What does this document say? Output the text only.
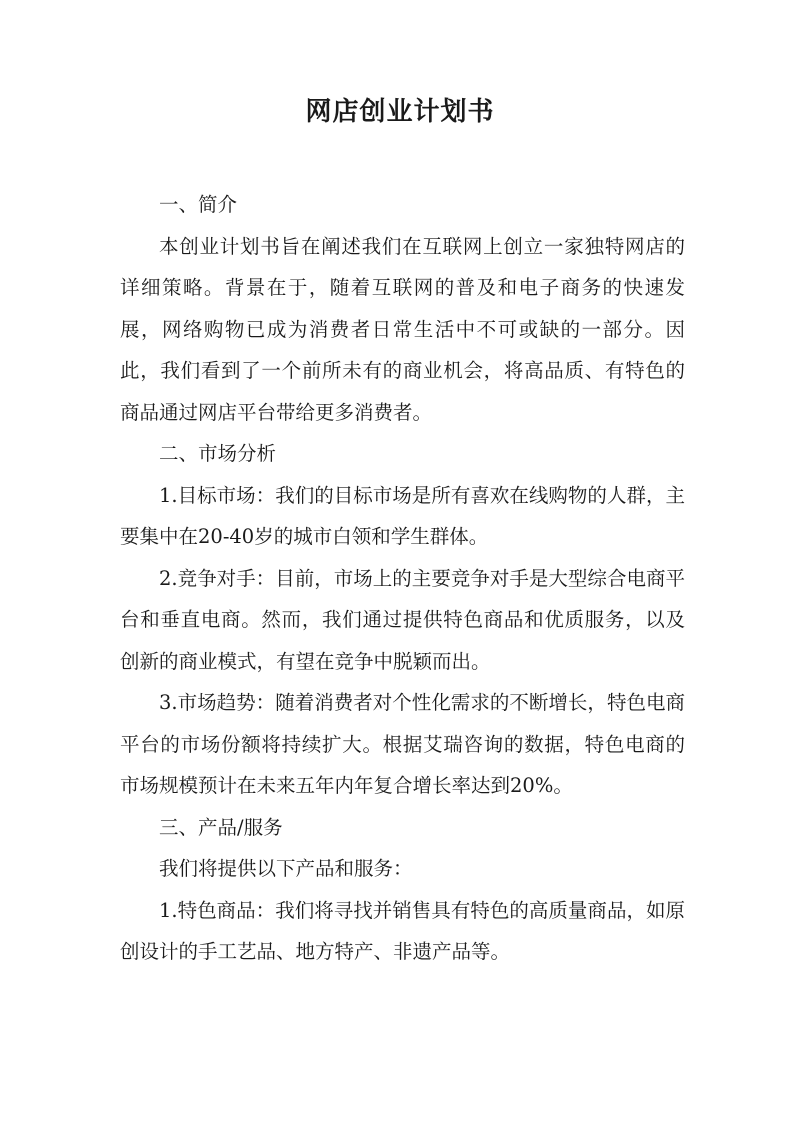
网店创业计划书

一、简介

本创业计划书旨在阐述我们在互联网上创立一家独特网店的详细策略。背景在于，随着互联网的普及和电子商务的快速发展，网络购物已成为消费者日常生活中不可或缺的一部分。因此，我们看到了一个前所未有的商业机会，将高品质、有特色的商品通过网店平台带给更多消费者。

二、市场分析

1.目标市场：我们的目标市场是所有喜欢在线购物的人群，主要集中在20-40岁的城市白领和学生群体。

2.竞争对手：目前，市场上的主要竞争对手是大型综合电商平台和垂直电商。然而，我们通过提供特色商品和优质服务，以及创新的商业模式，有望在竞争中脱颖而出。

3.市场趋势：随着消费者对个性化需求的不断增长，特色电商平台的市场份额将持续扩大。根据艾瑞咨询的数据，特色电商的市场规模预计在未来五年内年复合增长率达到20%。

三、产品/服务

我们将提供以下产品和服务：

1.特色商品：我们将寻找并销售具有特色的高质量商品，如原创设计的手工艺品、地方特产、非遗产品等。
